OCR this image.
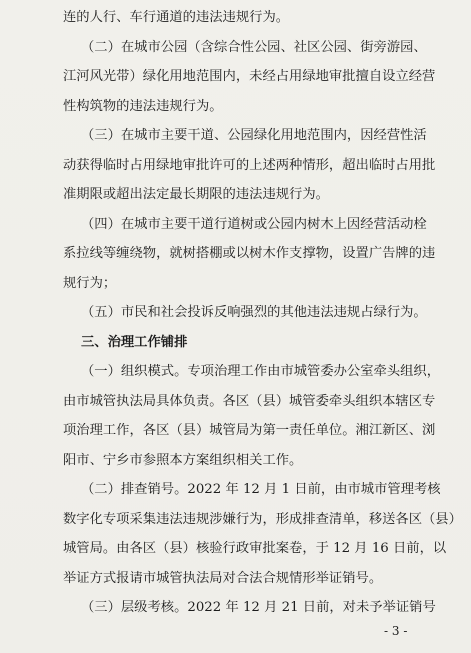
连的人行、车行通道的违法违规行为。
（二）在城市公园（含综合性公园、社区公园、街旁游园、
江河风光带）绿化用地范围内，未经占用绿地审批擅自设立经营
性构筑物的违法违规行为。
（三）在城市主要干道、公园绿化用地范围内，因经营性活
动获得临时占用绿地审批许可的上述两种情形，超出临时占用批
准期限或超出法定最长期限的违法违规行为。
（四）在城市主要干道行道树或公园内树木上因经营活动栓
系拉线等缠绕物，就树搭棚或以树木作支撑物，设置广告牌的违
规行为；
（五）市民和社会投诉反响强烈的其他违法违规占绿行为。
三、治理工作铺排
（一）组织模式。专项治理工作由市城管委办公室牵头组织，
由市城管执法局具体负责。各区（县）城管委牵头组织本辖区专
项治理工作，各区（县）城管局为第一责任单位。湘江新区、浏
阳市、宁乡市参照本方案组织相关工作。
（二）排查销号。2022 年 12 月 1 日前，由市城市管理考核
数字化专项采集违法违规涉嫌行为，形成排查清单，移送各区（县）
城管局。由各区（县）核验行政审批案卷，于 12 月 16 日前，以
举证方式报请市城管执法局对合法合规情形举证销号。
（三）层级考核。2022 年 12 月 21 日前，对未予举证销号
- 3 -
